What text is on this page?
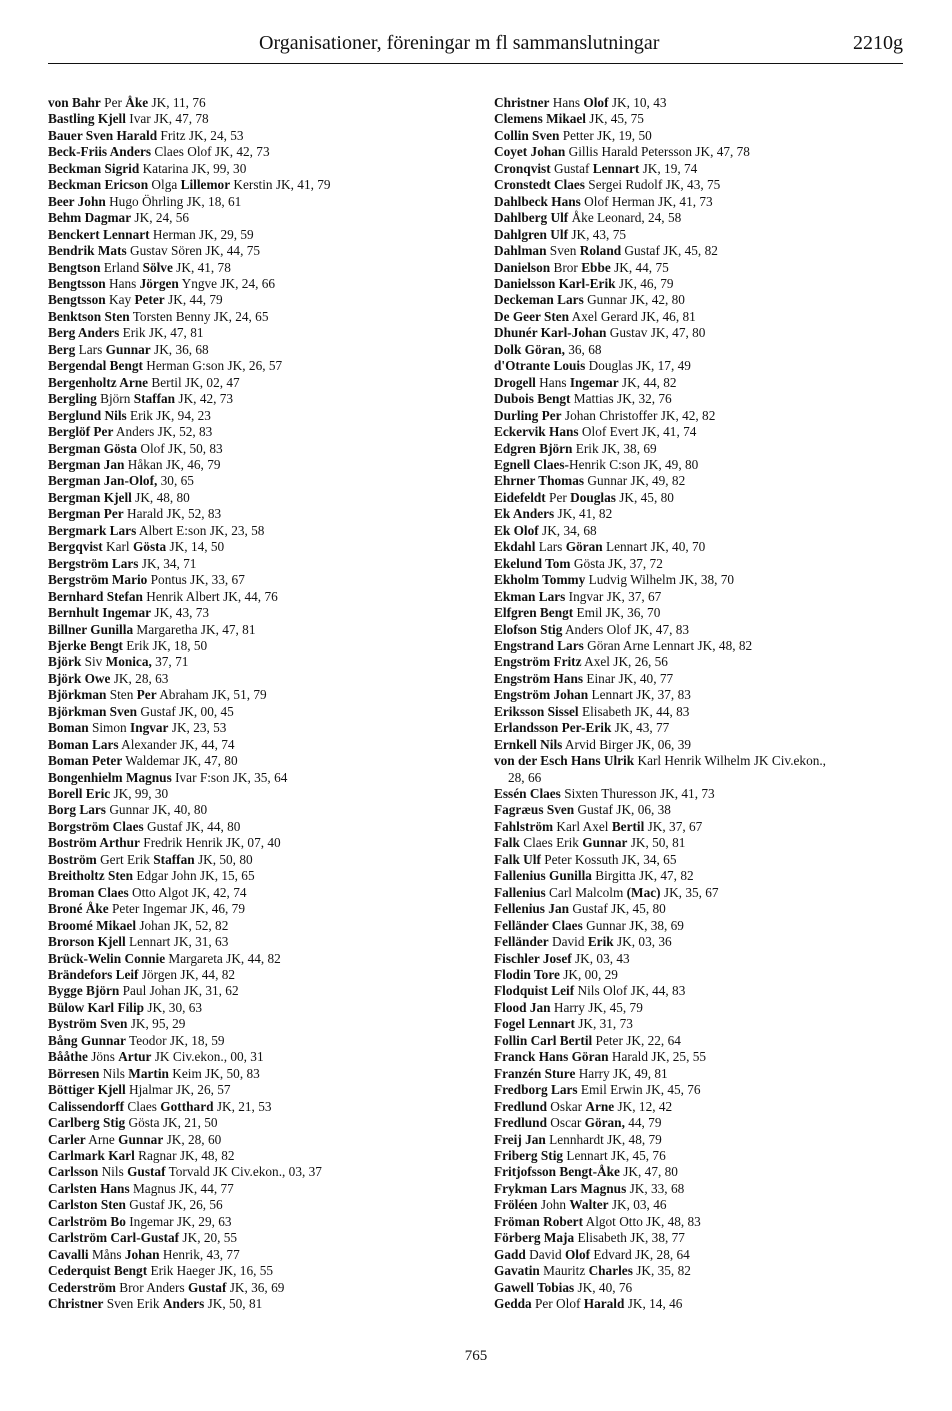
Organisationer, föreningar m fl sammanslutningar	2210g
von Bahr Per Åke JK, 11, 76
Bastling Kjell Ivar JK, 47, 78
Bauer Sven Harald Fritz JK, 24, 53
Beck-Friis Anders Claes Olof JK, 42, 73
Beckman Sigrid Katarina JK, 99, 30
Beckman Ericson Olga Lillemor Kerstin JK, 41, 79
Beer John Hugo Öhrling JK, 18, 61
Behm Dagmar JK, 24, 56
Benckert Lennart Herman JK, 29, 59
Bendrik Mats Gustav Sören JK, 44, 75
Bengtson Erland Sölve JK, 41, 78
Bengtsson Hans Jörgen Yngve JK, 24, 66
Bengtsson Kay Peter JK, 44, 79
Benktson Sten Torsten Benny JK, 24, 65
Berg Anders Erik JK, 47, 81
Berg Lars Gunnar JK, 36, 68
Bergendal Bengt Herman G:son JK, 26, 57
Bergenholtz Arne Bertil JK, 02, 47
Bergling Björn Staffan JK, 42, 73
Berglund Nils Erik JK, 94, 23
Berglöf Per Anders JK, 52, 83
Bergman Gösta Olof JK, 50, 83
Bergman Jan Håkan JK, 46, 79
Bergman Jan-Olof, 30, 65
Bergman Kjell JK, 48, 80
Bergman Per Harald JK, 52, 83
Bergmark Lars Albert E:son JK, 23, 58
Bergqvist Karl Gösta JK, 14, 50
Bergström Lars JK, 34, 71
Bergström Mario Pontus JK, 33, 67
Bernhard Stefan Henrik Albert JK, 44, 76
Bernhult Ingemar JK, 43, 73
Billner Gunilla Margaretha JK, 47, 81
Bjerke Bengt Erik JK, 18, 50
Björk Siv Monica, 37, 71
Björk Owe JK, 28, 63
Björkman Sten Per Abraham JK, 51, 79
Björkman Sven Gustaf JK, 00, 45
Boman Simon Ingvar JK, 23, 53
Boman Lars Alexander JK, 44, 74
Boman Peter Waldemar JK, 47, 80
Bongenhielm Magnus Ivar F:son JK, 35, 64
Borell Eric JK, 99, 30
Borg Lars Gunnar JK, 40, 80
Borgström Claes Gustaf JK, 44, 80
Boström Arthur Fredrik Henrik JK, 07, 40
Boström Gert Erik Staffan JK, 50, 80
Breitholtz Sten Edgar John JK, 15, 65
Broman Claes Otto Algot JK, 42, 74
Broné Åke Peter Ingemar JK, 46, 79
Broomé Mikael Johan JK, 52, 82
Brorson Kjell Lennart JK, 31, 63
Brück-Welin Connie Margareta JK, 44, 82
Brändefors Leif Jörgen JK, 44, 82
Bygge Björn Paul Johan JK, 31, 62
Bülow Karl Filip JK, 30, 63
Byström Sven JK, 95, 29
Bång Gunnar Teodor JK, 18, 59
Bååthe Jöns Artur JK Civ.ekon., 00, 31
Börresen Nils Martin Keim JK, 50, 83
Böttiger Kjell Hjalmar JK, 26, 57
Calissendorff Claes Gotthard JK, 21, 53
Carlberg Stig Gösta JK, 21, 50
Carler Arne Gunnar JK, 28, 60
Carlmark Karl Ragnar JK, 48, 82
Carlsson Nils Gustaf Torvald JK Civ.ekon., 03, 37
Carlsten Hans Magnus JK, 44, 77
Carlston Sten Gustaf JK, 26, 56
Carlström Bo Ingemar JK, 29, 63
Carlström Carl-Gustaf JK, 20, 55
Cavalli Måns Johan Henrik, 43, 77
Cederquist Bengt Erik Haeger JK, 16, 55
Cederström Bror Anders Gustaf JK, 36, 69
Christner Sven Erik Anders JK, 50, 81
Christner Hans Olof JK, 10, 43
Clemens Mikael JK, 45, 75
Collin Sven Petter JK, 19, 50
Coyet Johan Gillis Harald Petersson JK, 47, 78
Cronqvist Gustaf Lennart JK, 19, 74
Cronstedt Claes Sergei Rudolf JK, 43, 75
Dahlbeck Hans Olof Herman JK, 41, 73
Dahlberg Ulf Åke Leonard, 24, 58
Dahlgren Ulf JK, 43, 75
Dahlman Sven Roland Gustaf JK, 45, 82
Danielson Bror Ebbe JK, 44, 75
Danielsson Karl-Erik JK, 46, 79
Deckeman Lars Gunnar JK, 42, 80
De Geer Sten Axel Gerard JK, 46, 81
Dhunér Karl-Johan Gustav JK, 47, 80
Dolk Göran, 36, 68
d'Otrante Louis Douglas JK, 17, 49
Drogell Hans Ingemar JK, 44, 82
Dubois Bengt Mattias JK, 32, 76
Durling Per Johan Christoffer JK, 42, 82
Eckervik Hans Olof Evert JK, 41, 74
Edgren Björn Erik JK, 38, 69
Egnell Claes-Henrik C:son JK, 49, 80
Ehrner Thomas Gunnar JK, 49, 82
Eidefeldt Per Douglas JK, 45, 80
Ek Anders JK, 41, 82
Ek Olof JK, 34, 68
Ekdahl Lars Göran Lennart JK, 40, 70
Ekelund Tom Gösta JK, 37, 72
Ekholm Tommy Ludvig Wilhelm JK, 38, 70
Ekman Lars Ingvar JK, 37, 67
Elfgren Bengt Emil JK, 36, 70
Elofson Stig Anders Olof JK, 47, 83
Engstrand Lars Göran Arne Lennart JK, 48, 82
Engström Fritz Axel JK, 26, 56
Engström Hans Einar JK, 40, 77
Engström Johan Lennart JK, 37, 83
Eriksson Sissel Elisabeth JK, 44, 83
Erlandsson Per-Erik JK, 43, 77
Ernkell Nils Arvid Birger JK, 06, 39
von der Esch Hans Ulrik Karl Henrik Wilhelm JK Civ.ekon.,
28, 66
Essén Claes Sixten Thuresson JK, 41, 73
Fagræus Sven Gustaf JK, 06, 38
Fahlström Karl Axel Bertil JK, 37, 67
Falk Claes Erik Gunnar JK, 50, 81
Falk Ulf Peter Kossuth JK, 34, 65
Fallenius Gunilla Birgitta JK, 47, 82
Fallenius Carl Malcolm (Mac) JK, 35, 67
Fellenius Jan Gustaf JK, 45, 80
Felländer Claes Gunnar JK, 38, 69
Felländer David Erik JK, 03, 36
Fischler Josef JK, 03, 43
Flodin Tore JK, 00, 29
Flodquist Leif Nils Olof JK, 44, 83
Flood Jan Harry JK, 45, 79
Fogel Lennart JK, 31, 73
Follin Carl Bertil Peter JK, 22, 64
Franck Hans Göran Harald JK, 25, 55
Franzén Sture Harry JK, 49, 81
Fredborg Lars Emil Erwin JK, 45, 76
Fredlund Oskar Arne JK, 12, 42
Fredlund Oscar Göran, 44, 79
Freij Jan Lennhardt JK, 48, 79
Friberg Stig Lennart JK, 45, 76
Fritjofsson Bengt-Åke JK, 47, 80
Frykman Lars Magnus JK, 33, 68
Fröléen John Walter JK, 03, 46
Fröman Robert Algot Otto JK, 48, 83
Förberg Maja Elisabeth JK, 38, 77
Gadd David Olof Edvard JK, 28, 64
Gavatin Mauritz Charles JK, 35, 82
Gawell Tobias JK, 40, 76
Gedda Per Olof Harald JK, 14, 46
765
